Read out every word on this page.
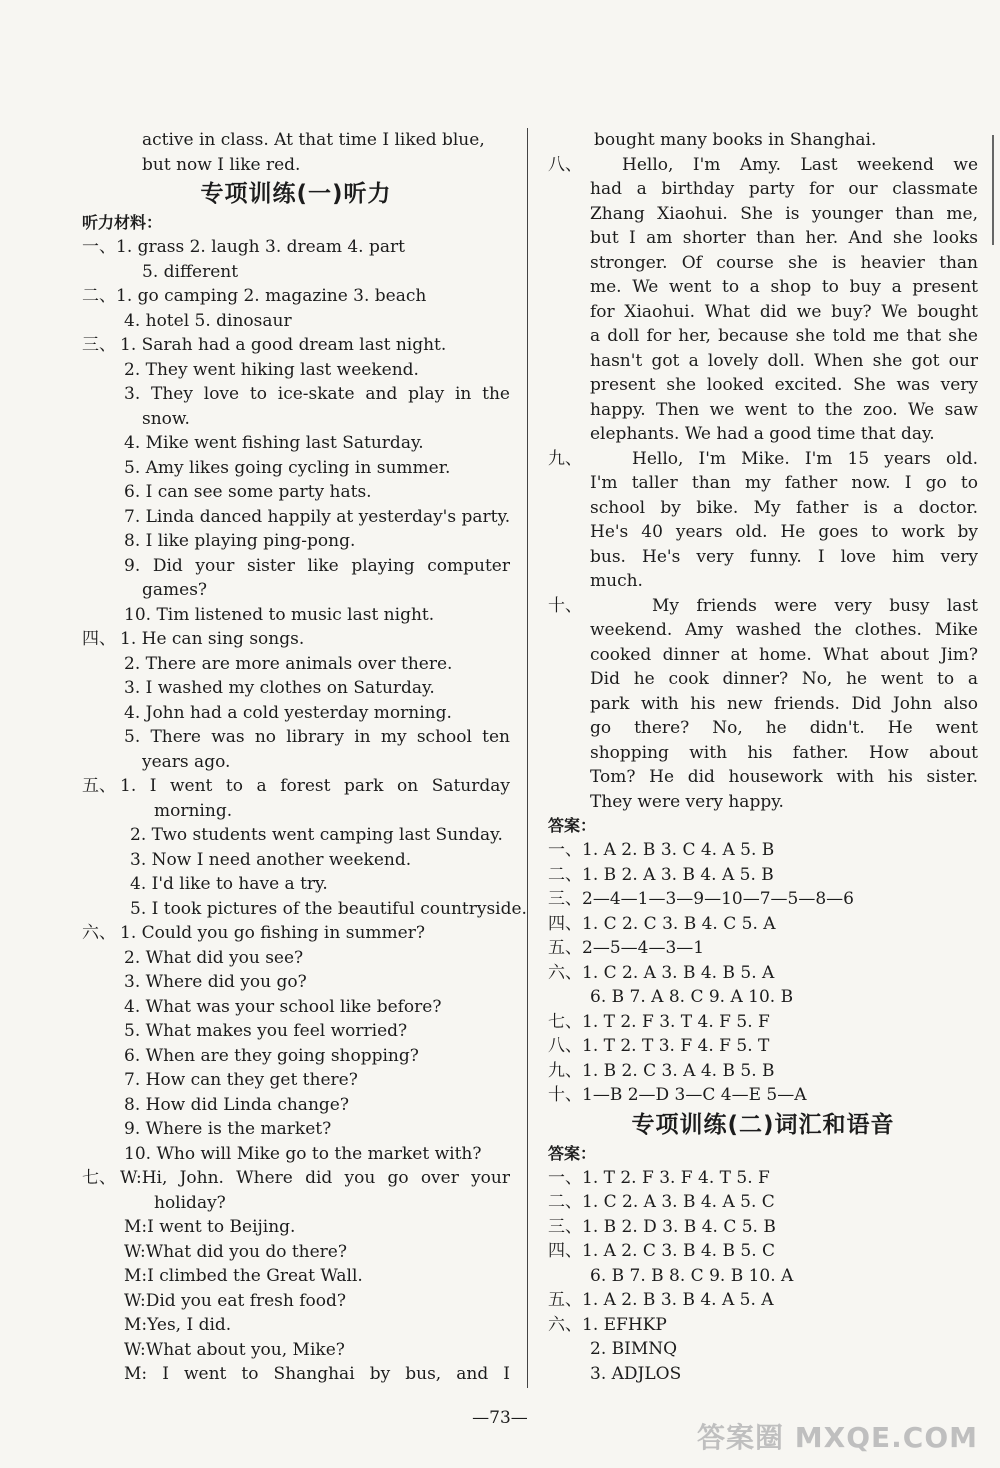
active in class. At that time I liked blue,
but now I like red.
专项训练(一)听力
听力材料：
一、1. grass 2. laugh 3. dream 4. part
5. different
二、1. go camping 2. magazine 3. beach
4. hotel 5. dinosaur
三、 1. Sarah had a good dream last night.
2. They went hiking last weekend.
3. They love to ice-skate and play in the
snow.
4. Mike went fishing last Saturday.
5. Amy likes going cycling in summer.
6. I can see some party hats.
7. Linda danced happily at yesterday's party.
8. I like playing ping-pong.
9. Did your sister like playing computer
games?
10. Tim listened to music last night.
四、 1. He can sing songs.
2. There are more animals over there.
3. I washed my clothes on Saturday.
4. John had a cold yesterday morning.
5. There was no library in my school ten
years ago.
五、 1. I went to a forest park on Saturday
morning.
2. Two students went camping last Sunday.
3. Now I need another weekend.
4. I'd like to have a try.
5. I took pictures of the beautiful countryside.
六、 1. Could you go fishing in summer?
2. What did you see?
3. Where did you go?
4. What was your school like before?
5. What makes you feel worried?
6. When are they going shopping?
7. How can they get there?
8. How did Linda change?
9. Where is the market?
10. Who will Mike go to the market with?
七、 W:Hi, John. Where did you go over your
holiday?
M:I went to Beijing.
W:What did you do there?
M:I climbed the Great Wall.
W:Did you eat fresh food?
M:Yes, I did.
W:What about you, Mike?
M: I went to Shanghai by bus, and I
bought many books in Shanghai.
八、	Hello, I'm Amy. Last weekend we
had a birthday party for our classmate
Zhang Xiaohui. She is younger than me,
but I am shorter than her. And she looks
stronger. Of course she is heavier than
me. We went to a shop to buy a present
for Xiaohui. What did we buy? We bought
a doll for her, because she told me that she
hasn't got a lovely doll. When she got our
present she looked excited. She was very
happy. Then we went to the zoo. We saw
elephants. We had a good time that day.
九、	Hello, I'm Mike. I'm 15 years old.
I'm taller than my father now. I go to
school by bike. My father is a doctor.
He's 40 years old. He goes to work by
bus. He's very funny. I love him very
much.
十、	My friends were very busy last
weekend. Amy washed the clothes. Mike
cooked dinner at home. What about Jim?
Did he cook dinner? No, he went to a
park with his new friends. Did John also
go there? No, he didn't. He went
shopping with his father. How about
Tom? He did housework with his sister.
They were very happy.
答案：
一、1. A 2. B 3. C 4. A 5. B
二、1. B 2. A 3. B 4. A 5. B
三、2—4—1—3—9—10—7—5—8—6
四、1. C 2. C 3. B 4. C 5. A
五、2—5—4—3—1
六、1. C 2. A 3. B 4. B 5. A
6. B 7. A 8. C 9. A 10. B
七、1. T 2. F 3. T 4. F 5. F
八、1. T 2. T 3. F 4. F 5. T
九、1. B 2. C 3. A 4. B 5. B
十、1—B 2—D 3—C 4—E 5—A
专项训练(二)词汇和语音
答案：
一、1. T 2. F 3. F 4. T 5. F
二、1. C 2. A 3. B 4. A 5. C
三、1. B 2. D 3. B 4. C 5. B
四、1. A 2. C 3. B 4. B 5. C
6. B 7. B 8. C 9. B 10. A
五、1. A 2. B 3. B 4. A 5. A
六、1. EFHKP
2. BIMNQ
3. ADJLOS
—73—
答案圈 MXQE.COM
